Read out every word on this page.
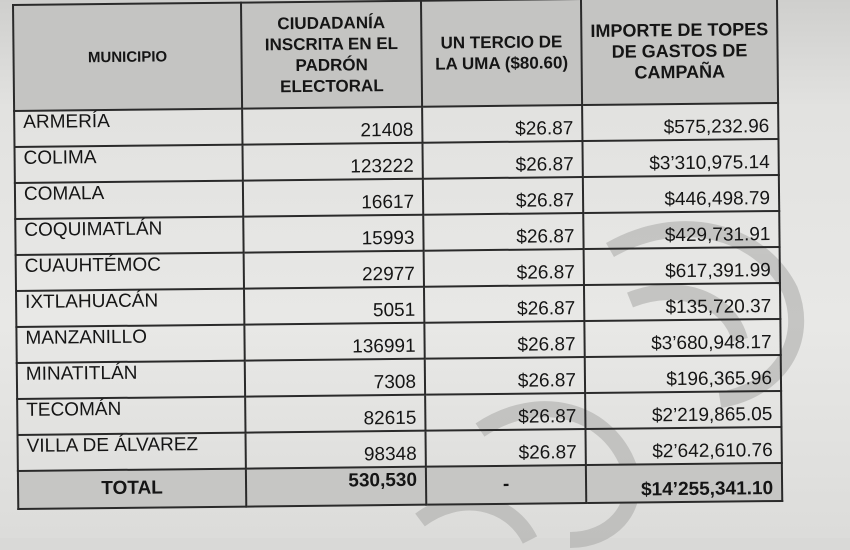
MUNICIPIO	CIUDADANÍA INSCRITA EN EL PADRÓN ELECTORAL	UN TERCIO DE LA UMA ($80.60)	IMPORTE DE TOPES DE GASTOS DE CAMPAÑA
ARMERÍA	21408	$26.87	$575,232.96
COLIMA	123222	$26.87	$3’310,975.14
COMALA	16617	$26.87	$446,498.79
COQUIMATLÁN	15993	$26.87	$429,731.91
CUAUHTÉMOC	22977	$26.87	$617,391.99
IXTLAHUACÁN	5051	$26.87	$135,720.37
MANZANILLO	136991	$26.87	$3’680,948.17
MINATITLÁN	7308	$26.87	$196,365.96
TECOMÁN	82615	$26.87	$2’219,865.05
VILLA DE ÁLVAREZ	98348	$26.87	$2’642,610.76
TOTAL	530,530	-	$14’255,341.10
